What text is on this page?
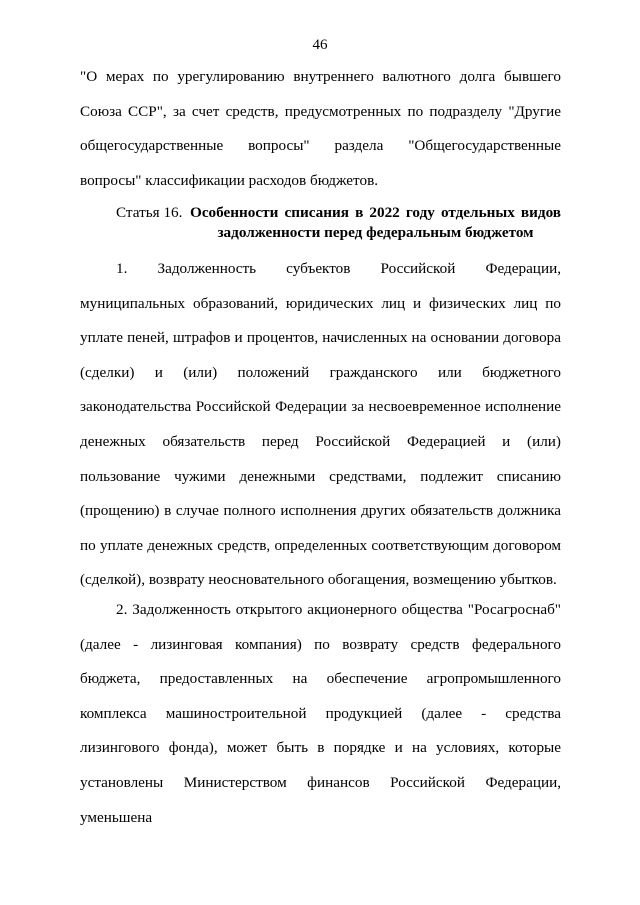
46

"О мерах по урегулированию внутреннего валютного долга бывшего Союза ССР", за счет средств, предусмотренных по подразделу "Другие общегосударственные вопросы" раздела "Общегосударственные вопросы" классификации расходов бюджетов.

Статья 16. Особенности списания в 2022 году отдельных видов задолженности перед федеральным бюджетом

1. Задолженность субъектов Российской Федерации, муниципальных образований, юридических лиц и физических лиц по уплате пеней, штрафов и процентов, начисленных на основании договора (сделки) и (или) положений гражданского или бюджетного законодательства Российской Федерации за несвоевременное исполнение денежных обязательств перед Российской Федерацией и (или) пользование чужими денежными средствами, подлежит списанию (прощению) в случае полного исполнения других обязательств должника по уплате денежных средств, определенных соответствующим договором (сделкой), возврату неосновательного обогащения, возмещению убытков.

2. Задолженность открытого акционерного общества "Росагроснаб" (далее - лизинговая компания) по возврату средств федерального бюджета, предоставленных на обеспечение агропромышленного комплекса машиностроительной продукцией (далее - средства лизингового фонда), может быть в порядке и на условиях, которые установлены Министерством финансов Российской Федерации, уменьшена
